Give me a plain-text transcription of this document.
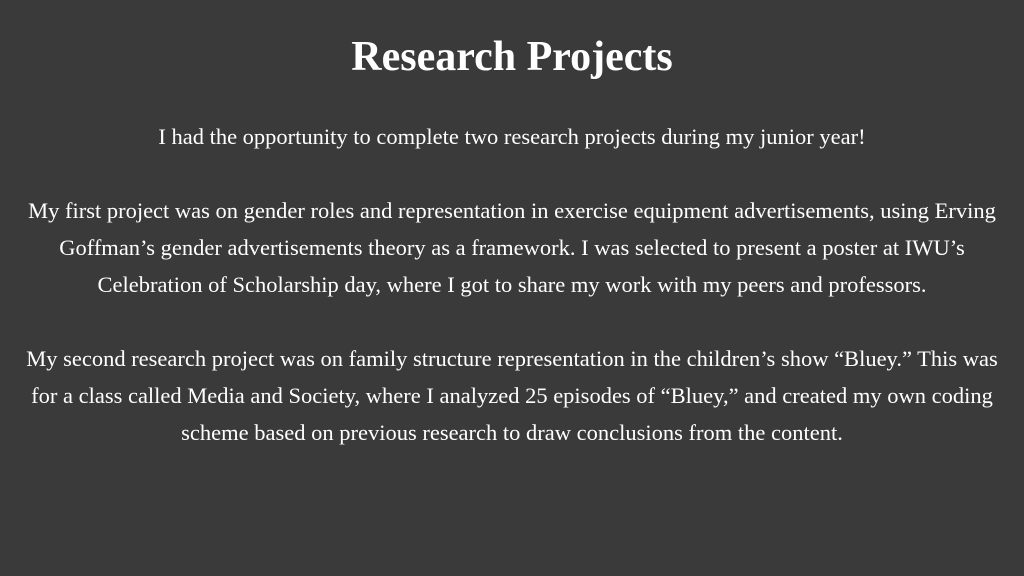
Research Projects

I had the opportunity to complete two research projects during my junior year!

My first project was on gender roles and representation in exercise equipment advertisements, using Erving Goffman’s gender advertisements theory as a framework. I was selected to present a poster at IWU’s Celebration of Scholarship day, where I got to share my work with my peers and professors.

My second research project was on family structure representation in the children’s show “Bluey.” This was for a class called Media and Society, where I analyzed 25 episodes of “Bluey,” and created my own coding scheme based on previous research to draw conclusions from the content.
